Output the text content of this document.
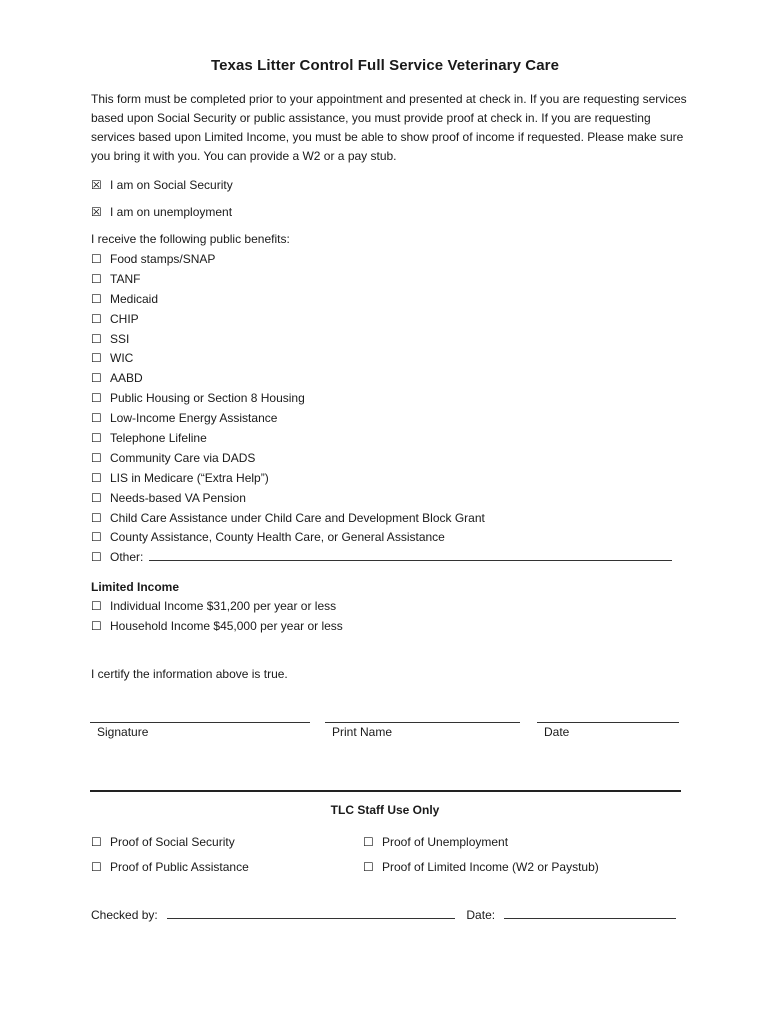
Texas Litter Control Full Service Veterinary Care
This form must be completed prior to your appointment and presented at check in. If you are requesting services based upon Social Security or public assistance, you must provide proof at check in. If you are requesting services based upon Limited Income, you must be able to show proof of income if requested. Please make sure you bring it with you. You can provide a W2 or a pay stub.
☒ I am on Social Security
☒ I am on unemployment
I receive the following public benefits:
☐ Food stamps/SNAP
☐ TANF
☐ Medicaid
☐ CHIP
☐ SSI
☐ WIC
☐ AABD
☐ Public Housing or Section 8 Housing
☐ Low-Income Energy Assistance
☐ Telephone Lifeline
☐ Community Care via DADS
☐ LIS in Medicare (“Extra Help”)
☐ Needs-based VA Pension
☐ Child Care Assistance under Child Care and Development Block Grant
☐ County Assistance, County Health Care, or General Assistance
☐ Other:
Limited Income
☐ Individual Income $31,200 per year or less
☐ Household Income $45,000 per year or less
I certify the information above is true.
Signature	Print Name	Date
TLC Staff Use Only
☐ Proof of Social Security	☐ Proof of Unemployment
☐ Proof of Public Assistance	☐ Proof of Limited Income (W2 or Paystub)
Checked by:	Date:
